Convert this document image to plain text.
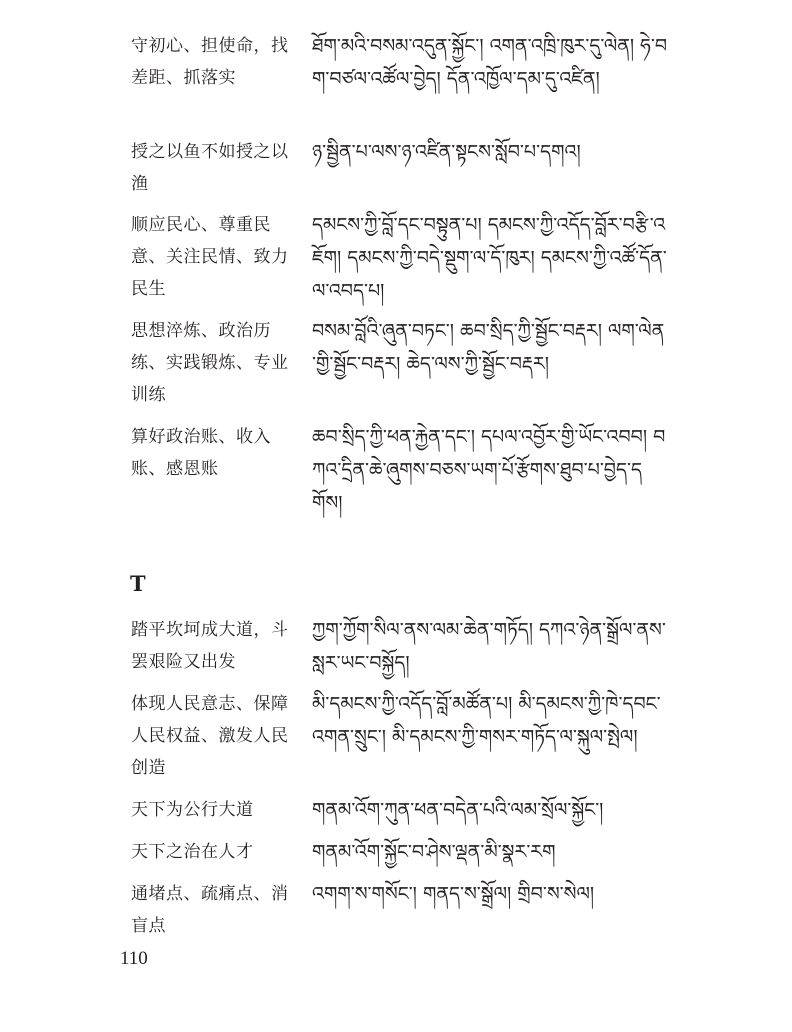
守初心、担使命，找差距、抓落实
ཐོག་མའི་བསམ་འདུན་སྐྱོང་། འགན་འཁྲི་ཁུར་དུ་ལེན། ཧེ་བག་བཙལ་འཚོལ་བྱེད། དོན་འཁྱོལ་དམ་དུ་འཛིན།
授之以鱼不如授之以渔
ཉ་སྦྱིན་པ་ལས་ཉ་འཛིན་སྟངས་སློབ་པ་དགའ།
顺应民心、尊重民意、关注民情、致力民生
དམངས་ཀྱི་བློ་དང་བསྟུན་པ། དམངས་ཀྱི་འདོད་བློར་བརྩི་འཇོག། དམངས་ཀྱི་བདེ་སྡུག་ལ་དོ་ཁུར། དམངས་ཀྱི་འཚོ་དོན་ལ་འབད་པ།
思想淬炼、政治历练、实践锻炼、专业训练
བསམ་བློའི་ཞུན་བཏང་། ཆབ་སྲིད་ཀྱི་སྦྱོང་བརྡར། ལག་ལེན་གྱི་སྦྱོང་བརྡར། ཆེད་ལས་ཀྱི་སྦྱོང་བརྡར།
算好政治账、收入账、感恩账
ཆབ་སྲིད་ཀྱི་ཕན་རྐྱེན་དང་། དཔལ་འབྱོར་གྱི་ཡོང་འབབ། བཀའ་དྲིན་ཆེ་ཞུགས་བཅས་ཡག་པོ་རྩོགས་ཐུབ་པ་བྱེད་དགོས།
T
踏平坎坷成大道，斗罢艰险又出发
ཀྱག་ཀྱོག་སིལ་ནས་ལམ་ཆེན་གཏོད། དཀའ་ཉེན་སྒྲོལ་ནས་སླར་ཡང་བསྐྱོད།
体现人民意志、保障人民权益、激发人民创造
མི་དམངས་ཀྱི་འདོད་བློ་མཚོན་པ། མི་དམངས་ཀྱི་ཁེ་དབང་འགན་སྲུང་། མི་དམངས་ཀྱི་གསར་གཏོད་ལ་སྐུལ་སྤེལ།
天下为公行大道	གནམ་འོག་ཀུན་ཕན་བདེན་པའི་ལམ་སྲོལ་སྐྱོང་།
天下之治在人才	གནམ་འོག་སྐྱོང་བ་ཤེས་ལྡན་མི་སྣར་རག
通堵点、疏痛点、消盲点
འགག་ས་གསོང་། གནད་ས་སྒྲོལ། གྲིབ་ས་སེལ།
110
